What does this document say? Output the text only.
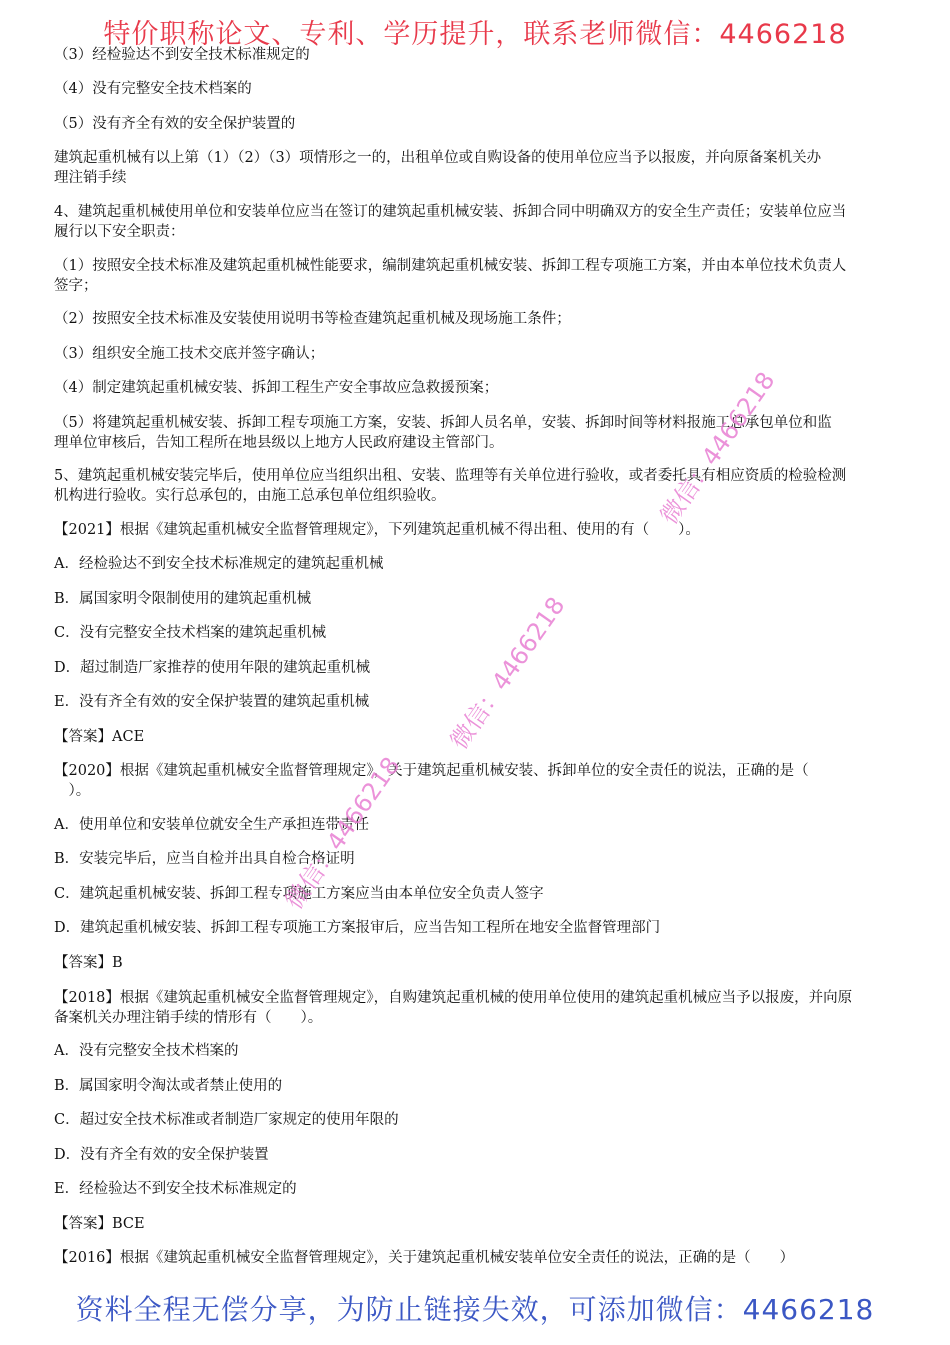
特价职称论文、专利、学历提升，联系老师微信：4466218
（3）经检验达不到安全技术标准规定的
（4）没有完整安全技术档案的
（5）没有齐全有效的安全保护装置的
建筑起重机械有以上第（1）（2）（3）项情形之一的，出租单位或自购设备的使用单位应当予以报废，并向原备案机关办
理注销手续
4、建筑起重机械使用单位和安装单位应当在签订的建筑起重机械安装、拆卸合同中明确双方的安全生产责任；安装单位应当
履行以下安全职责：
（1）按照安全技术标准及建筑起重机械性能要求，编制建筑起重机械安装、拆卸工程专项施工方案，并由本单位技术负责人
签字；
（2）按照安全技术标准及安装使用说明书等检查建筑起重机械及现场施工条件；
（3）组织安全施工技术交底并签字确认；
（4）制定建筑起重机械安装、拆卸工程生产安全事故应急救援预案；
（5）将建筑起重机械安装、拆卸工程专项施工方案，安装、拆卸人员名单，安装、拆卸时间等材料报施工总承包单位和监
理单位审核后，告知工程所在地县级以上地方人民政府建设主管部门。
5、建筑起重机械安装完毕后，使用单位应当组织出租、安装、监理等有关单位进行验收，或者委托具有相应资质的检验检测
机构进行验收。实行总承包的，由施工总承包单位组织验收。
【2021】根据《建筑起重机械安全监督管理规定》，下列建筑起重机械不得出租、使用的有（　　）。
A．经检验达不到安全技术标准规定的建筑起重机械
B．属国家明令限制使用的建筑起重机械
C．没有完整安全技术档案的建筑起重机械
D．超过制造厂家推荐的使用年限的建筑起重机械
E．没有齐全有效的安全保护装置的建筑起重机械
【答案】ACE
【2020】根据《建筑起重机械安全监督管理规定》，关于建筑起重机械安装、拆卸单位的安全责任的说法，正确的是（
　）。
A．使用单位和安装单位就安全生产承担连带责任
B．安装完毕后，应当自检并出具自检合格证明
C．建筑起重机械安装、拆卸工程专项施工方案应当由本单位安全负责人签字
D．建筑起重机械安装、拆卸工程专项施工方案报审后，应当告知工程所在地安全监督管理部门
【答案】B
【2018】根据《建筑起重机械安全监督管理规定》，自购建筑起重机械的使用单位使用的建筑起重机械应当予以报废，并向原
备案机关办理注销手续的情形有（　　）。
A．没有完整安全技术档案的
B．属国家明令淘汰或者禁止使用的
C．超过安全技术标准或者制造厂家规定的使用年限的
D．没有齐全有效的安全保护装置
E．经检验达不到安全技术标准规定的
【答案】BCE
【2016】根据《建筑起重机械安全监督管理规定》，关于建筑起重机械安装单位安全责任的说法，正确的是（　　）
微信：4466218
微信：4466218
微信：4466218
资料全程无偿分享，为防止链接失效，可添加微信：4466218
